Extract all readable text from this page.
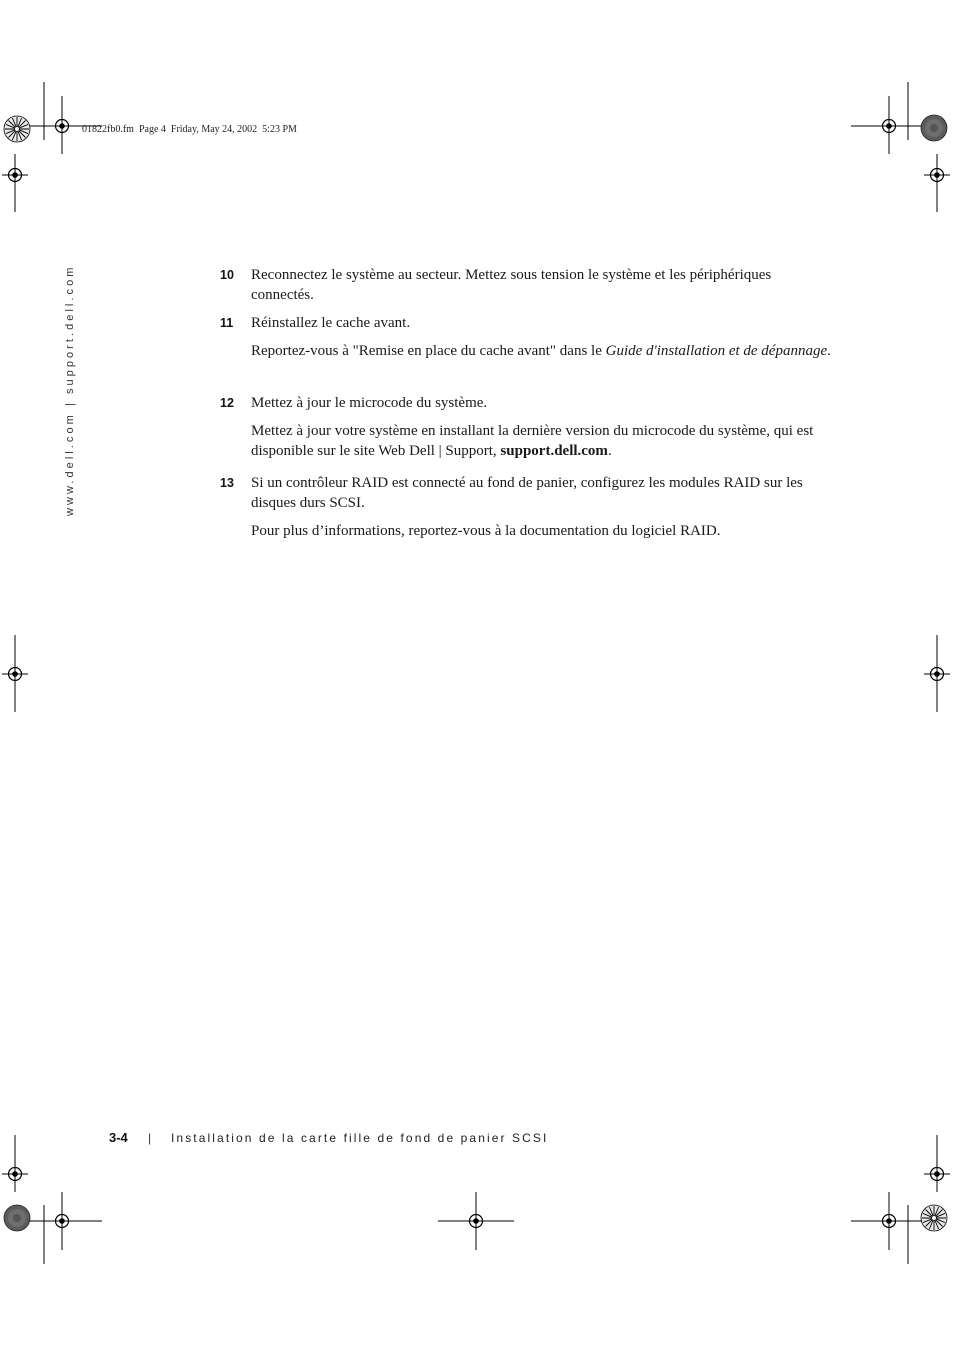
01822fb0.fm  Page 4  Friday, May 24, 2002  5:23 PM
www.dell.com | support.dell.com	10 Reconnectez le système au secteur. Mettez sous tension le système et les périphériques connectés.
11 Réinstallez le cache avant.
Reportez-vous à "Remise en place du cache avant" dans le Guide d'installation et de dépannage.
12 Mettez à jour le microcode du système.
Mettez à jour votre système en installant la dernière version du microcode du système, qui est disponible sur le site Web Dell | Support, support.dell.com.
13 Si un contrôleur RAID est connecté au fond de panier, configurez les modules RAID sur les disques durs SCSI.
Pour plus d’informations, reportez-vous à la documentation du logiciel RAID.
3-4 | Installation de la carte fille de fond de panier SCSI
